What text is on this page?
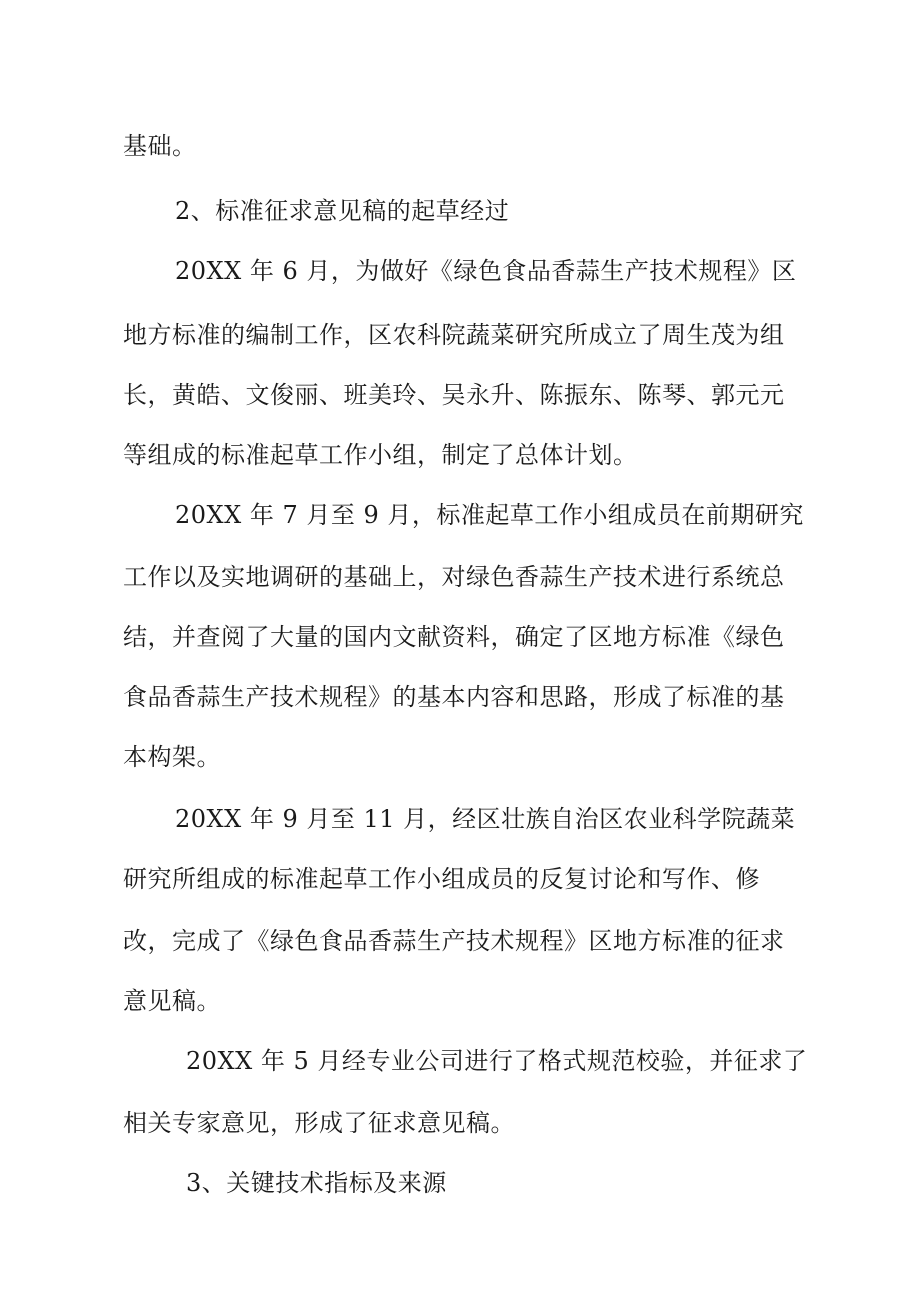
基础。
2、标准征求意见稿的起草经过
20XX 年 6 月，为做好《绿色食品香蒜生产技术规程》区
地方标准的编制工作，区农科院蔬菜研究所成立了周生茂为组
长，黄皓、文俊丽、班美玲、吴永升、陈振东、陈琴、郭元元
等组成的标准起草工作小组，制定了总体计划。
20XX 年 7 月至 9 月，标准起草工作小组成员在前期研究
工作以及实地调研的基础上，对绿色香蒜生产技术进行系统总
结，并查阅了大量的国内文献资料，确定了区地方标准《绿色
食品香蒜生产技术规程》的基本内容和思路，形成了标准的基
本构架。
20XX 年 9 月至 11 月，经区壮族自治区农业科学院蔬菜
研究所组成的标准起草工作小组成员的反复讨论和写作、修
改，完成了《绿色食品香蒜生产技术规程》区地方标准的征求
意见稿。
20XX 年 5 月经专业公司进行了格式规范校验，并征求了
相关专家意见，形成了征求意见稿。
3、关键技术指标及来源
